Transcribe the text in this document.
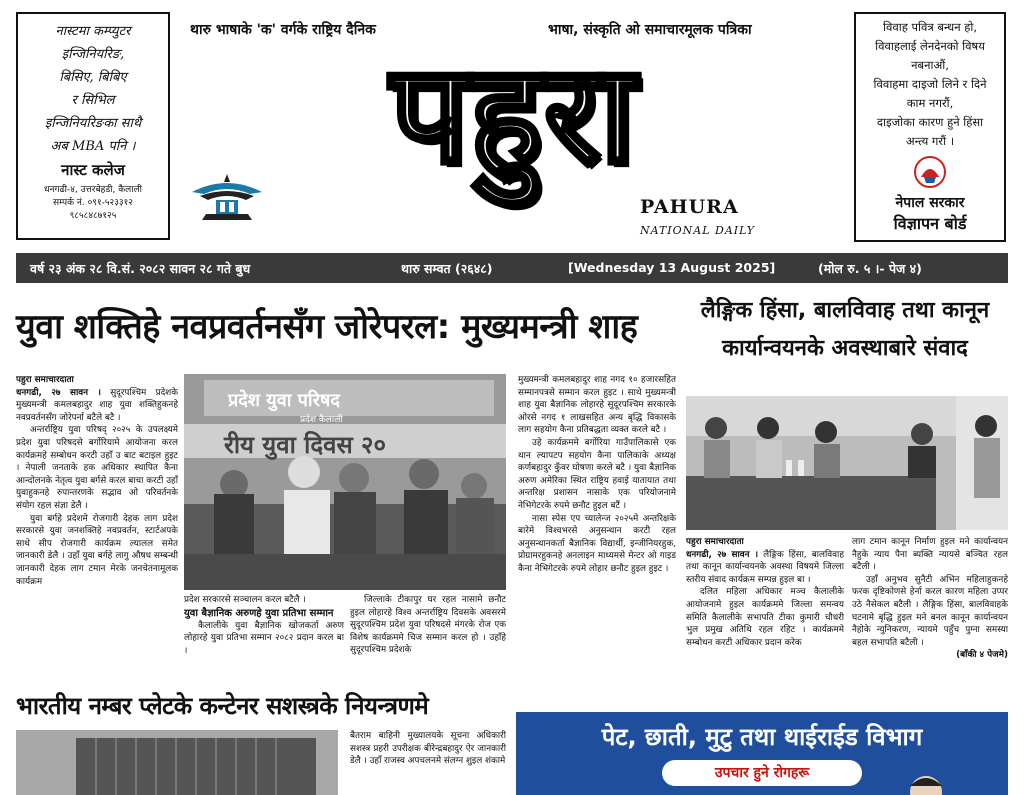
नास्टमा कम्प्युटर
इन्जिनियरिङ,
बिसिए, बिबिए
र सिभिल
इन्जिनियरिङका साथै
अब MBA पनि ।
नास्ट कलेज
धनगढी-४, उत्तरबेहडी, कैलाली
सम्पर्क नं. ०९१-५२३३१२
९८५८४८७१२५
थारु भाषाके 'क' वर्गके राष्ट्रिय दैनिक	भाषा, संस्कृति ओ समाचारमूलक पत्रिका
पहुरा
PAHURA
NATIONAL DAILY
विवाह पवित्र बन्धन हो,
विवाहलाई लेनदेनको विषय
नबनाऔं,
विवाहमा दाइजो लिने र दिने
काम नगरौं,
दाइजोका कारण हुने हिंसा
अन्त्य गरौं ।
नेपाल सरकार
विज्ञापन बोर्ड
वर्ष २३ अंक २८ वि.सं. २०८२ सावन २८ गते बुध	थारु सम्वत (२६४८)	[Wednesday 13 August 2025]	(मोल रु. ५ ।- पेज ४)
युवा शक्तिहे नवप्रवर्तनसँग जोरेपरल: मुख्यमन्त्री शाह

पहुरा समाचारदाता

धनगढी, २७ सावन । सुदूरपश्चिम प्रदेशके मुख्यमन्त्री कमलबहादुर शाह युवा शक्तिहुकनहे नवप्रवर्तनसँग जोरेपर्ना बटैले बटै ।

अन्तर्राष्ट्रिय युवा परिषद् २०२५ के उपलक्ष्यमे प्रदेश युवा परिषदसे बर्गोरियामे आयोजना करल कार्यक्रमहे सम्बोधन करटी उहाँ उ बाट बटाइल हुइट । नेपाली जनताके हक अधिकार स्थापित कैना आन्दोलनके नेतृत्व युवा बर्गसे करल बाचा करटी उहाँ युवाहुकनहे रुपान्तरणके सद्भाव ओ परिवर्तनके संयोग रहल संज्ञा डेलै ।

युवा बर्गहे प्रदेशमे रोजगारी देहक लाग प्रदेश सरकारसे युवा जनशक्तिहे नवप्रवर्तन, स्टार्टअपके साथे सीप रोजगारी कार्यक्रम ल्यालल समेत जानकारी डेलै । उहाँ युवा बर्गहे लागु औषध सम्बन्धी जानकारी देहक लाग टमान मेरके जनचेतनामूलक कार्यक्रम

प्रदेश युवा परिषद
प्रदेश कैलाली
रीय युवा दिवस २०

प्रदेश सरकारसे सञ्चालन करल बटैलै ।

युवा बैज्ञानिक अरुणहे युवा प्रतिभा सम्मान

कैलालीके युवा बैज्ञानिक खोजकर्ता अरुण लोहारहे युवा प्रतिभा सम्मान २०८२ प्रदान करल बा ।

जिल्लाके टीकापुर घर रहल नासामे छनौट हुइल लोहारहे विश्व अन्तर्राष्ट्रिय दिवसके अवसरमे सुदूरपश्चिम प्रदेश युवा परिषदसे मंगरके रोज एक विशेष कार्यक्रममे चिज सम्मान करल हो । उहाँहे सुदूरपश्चिम प्रदेशके

मुख्यमन्त्री कमलबहादुर शाह नगद १० हजारसहित सम्मानपत्रसे सम्मान करल हुइट । साथे मुख्यमन्त्री शाह युवा बैज्ञानिक लोहारहे सुदूरपश्चिम सरकारके ओरसे नगद १ लाखसहित अन्य बृद्धि विकासके लाग सहयोग कैना प्रतिबद्धता व्यक्त करले बटै ।

उहे कार्यक्रममे बर्गोरिया गाउँपालिकासे एक थान ल्यापटप सहयोग कैना पालिकाके अध्यक्ष कर्णबहादुर कुँवर घोषणा करले बटै । युवा बैज्ञानिक अरुण अमेरिका स्थित राष्ट्रिय हवाई यातायात तथा अन्तरिक्ष प्रशासन नासाके एक परियोजनामे नेभिगेटरके रुपमे छनौट हुइल बटैं ।

नासा स्पेस एप च्यालेन्ज २०२५मे अन्तरिक्षके बारेमे विश्वभरसे अनुसन्धान करटी रहल अनुसन्धानकर्ता बैज्ञानिक विद्यार्थी, इन्जीनियरहुक, प्रोग्रामरहुकनहे अनलाइन माध्यमसे मेन्टर ओ गाइड कैना नेभिगेटरके रुपमे लोहार छनौट हुइल हुइट ।

लैङ्गिक हिंसा, बालविवाह तथा कानून
कार्यान्वयनके अवस्थाबारे संवाद

पहुरा समाचारदाता

धनगढी, २७ सावन । लैङ्गिक हिंसा, बालविवाह तथा कानून कार्यान्वयनके अवस्था विषयमे जिल्ला स्तरीय संवाद कार्यक्रम सम्पन्न हुइल बा ।

दलित महिला अधिकार मञ्च कैलालीके आयोजनामे हुइल कार्यक्रममे जिल्ला समन्वय समिति कैलालीके सभापति टीका कुमारी चौधरी भुल प्रमुख अतिथि रहल रहिट । कार्यक्रममे सम्बोधन करटी अधिकार प्रदान करेक

लाग टमान कानून निर्माण हुइल मने कार्यान्वयन नैहुके न्याय पैना ब्यक्ति न्यायसे बञ्चित रहल बटैली ।

उहाँ अनुभव सुनैटी अभिन महिलाहुकनहे फरक दृष्टिकोणसे हेर्ना करल कारण महिला उप्पर उठे नैसेकल बटैली । लैङ्गिक हिंसा, बालविवाहके घटनामे बृद्धि हुइल मने बनल कानून कार्यान्वयन नैहोके न्युनिकरण, न्यायमे पहुँच पुग्ना समस्या बहल सभापति बटैली ।

(बाँकी ४ पेजमे)

भारतीय नम्बर प्लेटके कन्टेनर सशस्त्रके नियन्त्रणमे

बैतराम बाहिनी मुख्यालयके सूचना अधिकारी सशस्त्र प्रहरी उपरीक्षक बीरेन्द्रबहादुर ऐर जानकारी डेलै । उहाँ राजस्व अपचलनमे संलग्न शुइल शंकामे

पेट, छाती, मुटु तथा थाईराईड विभाग
उपचार हुने रोगहरू
